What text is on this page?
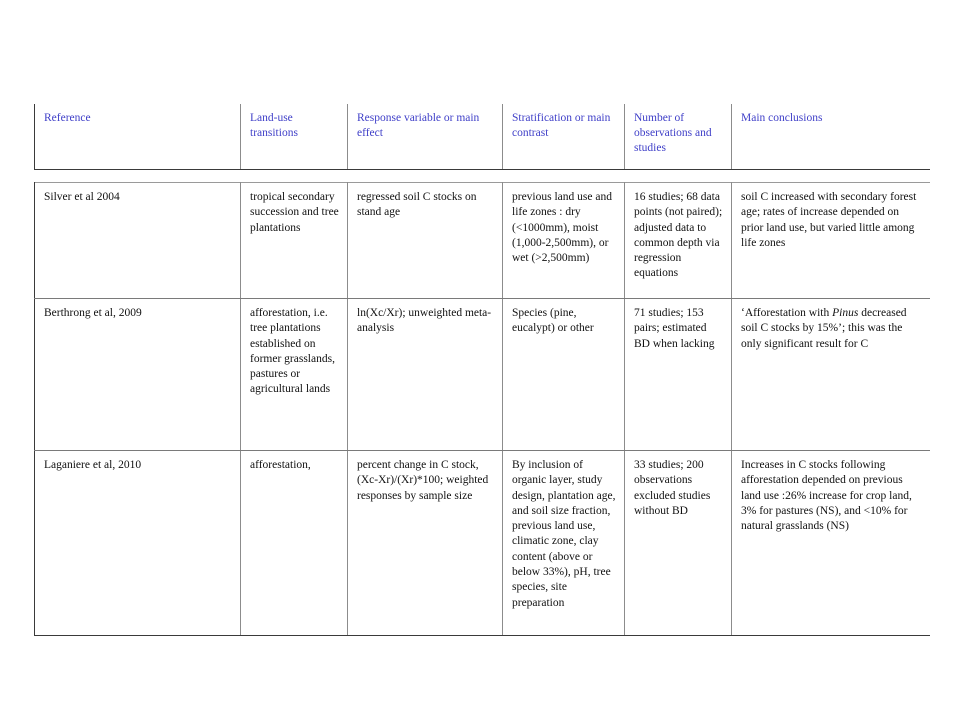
Reference	Land-use transitions	Response variable or main effect	Stratification or main contrast	Number of observations and studies	Main conclusions
Silver et al 2004	tropical secondary succession and tree plantations	regressed soil C stocks on stand age	previous land use and life zones : dry (<1000mm), moist (1,000-2,500mm), or wet (>2,500mm)	16 studies; 68 data points (not paired); adjusted data to common depth via regression equations	soil C increased with secondary forest age; rates of increase depended on prior land use, but varied little among life zones
Berthrong et al, 2009	afforestation, i.e. tree plantations established on former grasslands, pastures or agricultural lands	ln(Xc/Xr); unweighted meta-analysis	Species (pine, eucalypt) or other	71 studies; 153 pairs; estimated BD when lacking	‘Afforestation with Pinus decreased soil C stocks by 15%’; this was the only significant result for C
Laganiere et al, 2010	afforestation,	percent change in C stock, (Xc-Xr)/(Xr)*100; weighted responses by sample size	By inclusion of organic layer, study design, plantation age, and soil size fraction, previous land use, climatic zone, clay content (above or below 33%), pH, tree species, site preparation	33 studies; 200 observations excluded studies without BD	Increases in C stocks following afforestation depended on previous land use :26% increase for crop land, 3% for pastures (NS), and <10% for natural grasslands (NS)
